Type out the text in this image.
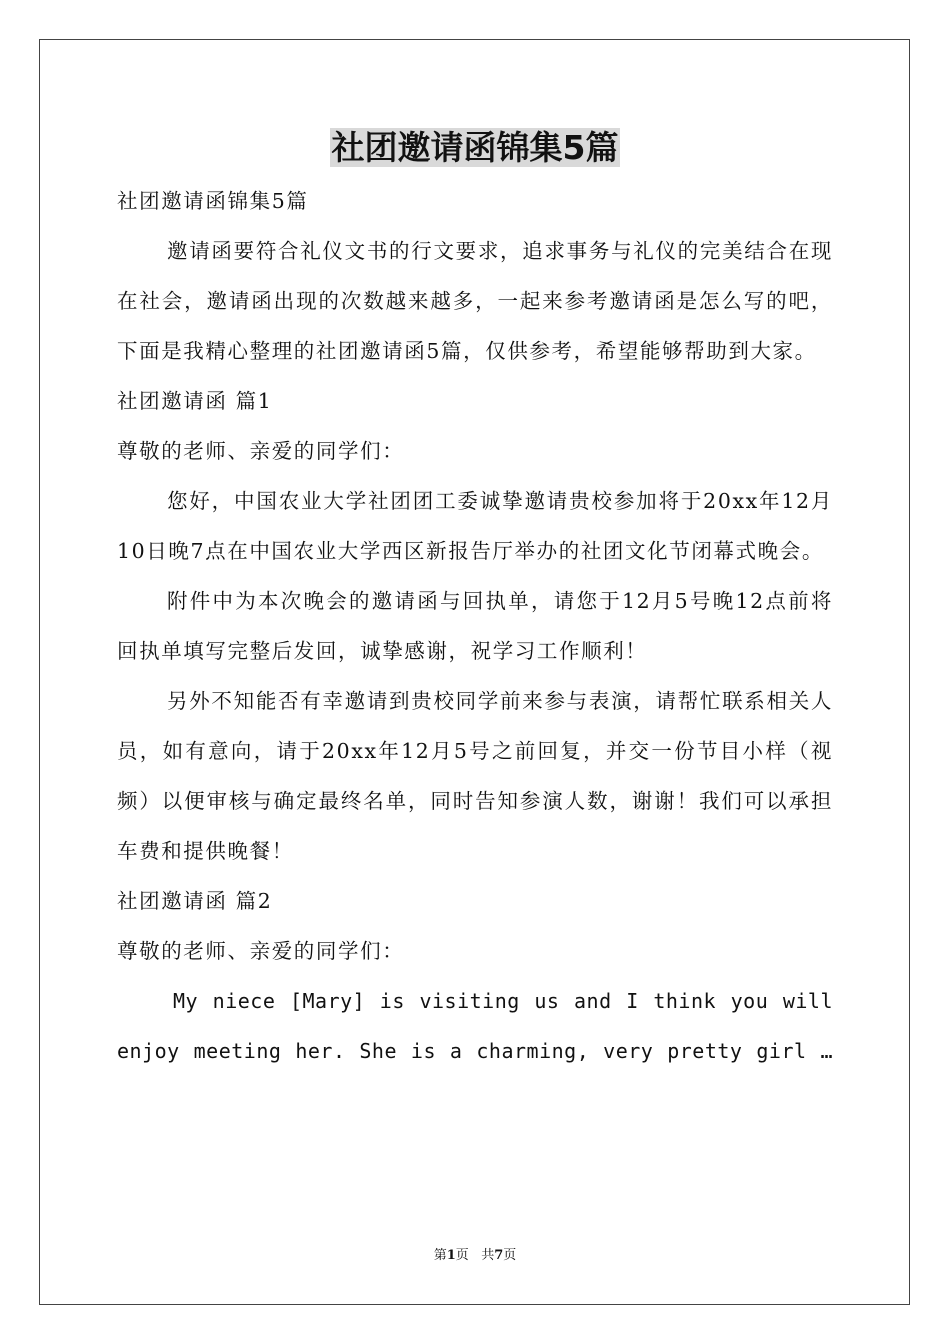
社团邀请函锦集5篇

社团邀请函锦集5篇

邀请函要符合礼仪文书的行文要求，追求事务与礼仪的完美结合在现在社会，邀请函出现的次数越来越多，一起来参考邀请函是怎么写的吧，下面是我精心整理的社团邀请函5篇，仅供参考，希望能够帮助到大家。

社团邀请函 篇1

尊敬的老师、亲爱的同学们：

您好，中国农业大学社团团工委诚挚邀请贵校参加将于20xx年12月10日晚7点在中国农业大学西区新报告厅举办的社团文化节闭幕式晚会。

附件中为本次晚会的邀请函与回执单，请您于12月5号晚12点前将回执单填写完整后发回，诚挚感谢，祝学习工作顺利！

另外不知能否有幸邀请到贵校同学前来参与表演，请帮忙联系相关人员，如有意向，请于20xx年12月5号之前回复，并交一份节目小样（视频）以便审核与确定最终名单，同时告知参演人数，谢谢！我们可以承担车费和提供晚餐！

社团邀请函 篇2

尊敬的老师、亲爱的同学们：

My niece [Mary] is visiting us and I think you will

enjoy meeting her. She is a charming, very pretty girl …

第1页 共7页
